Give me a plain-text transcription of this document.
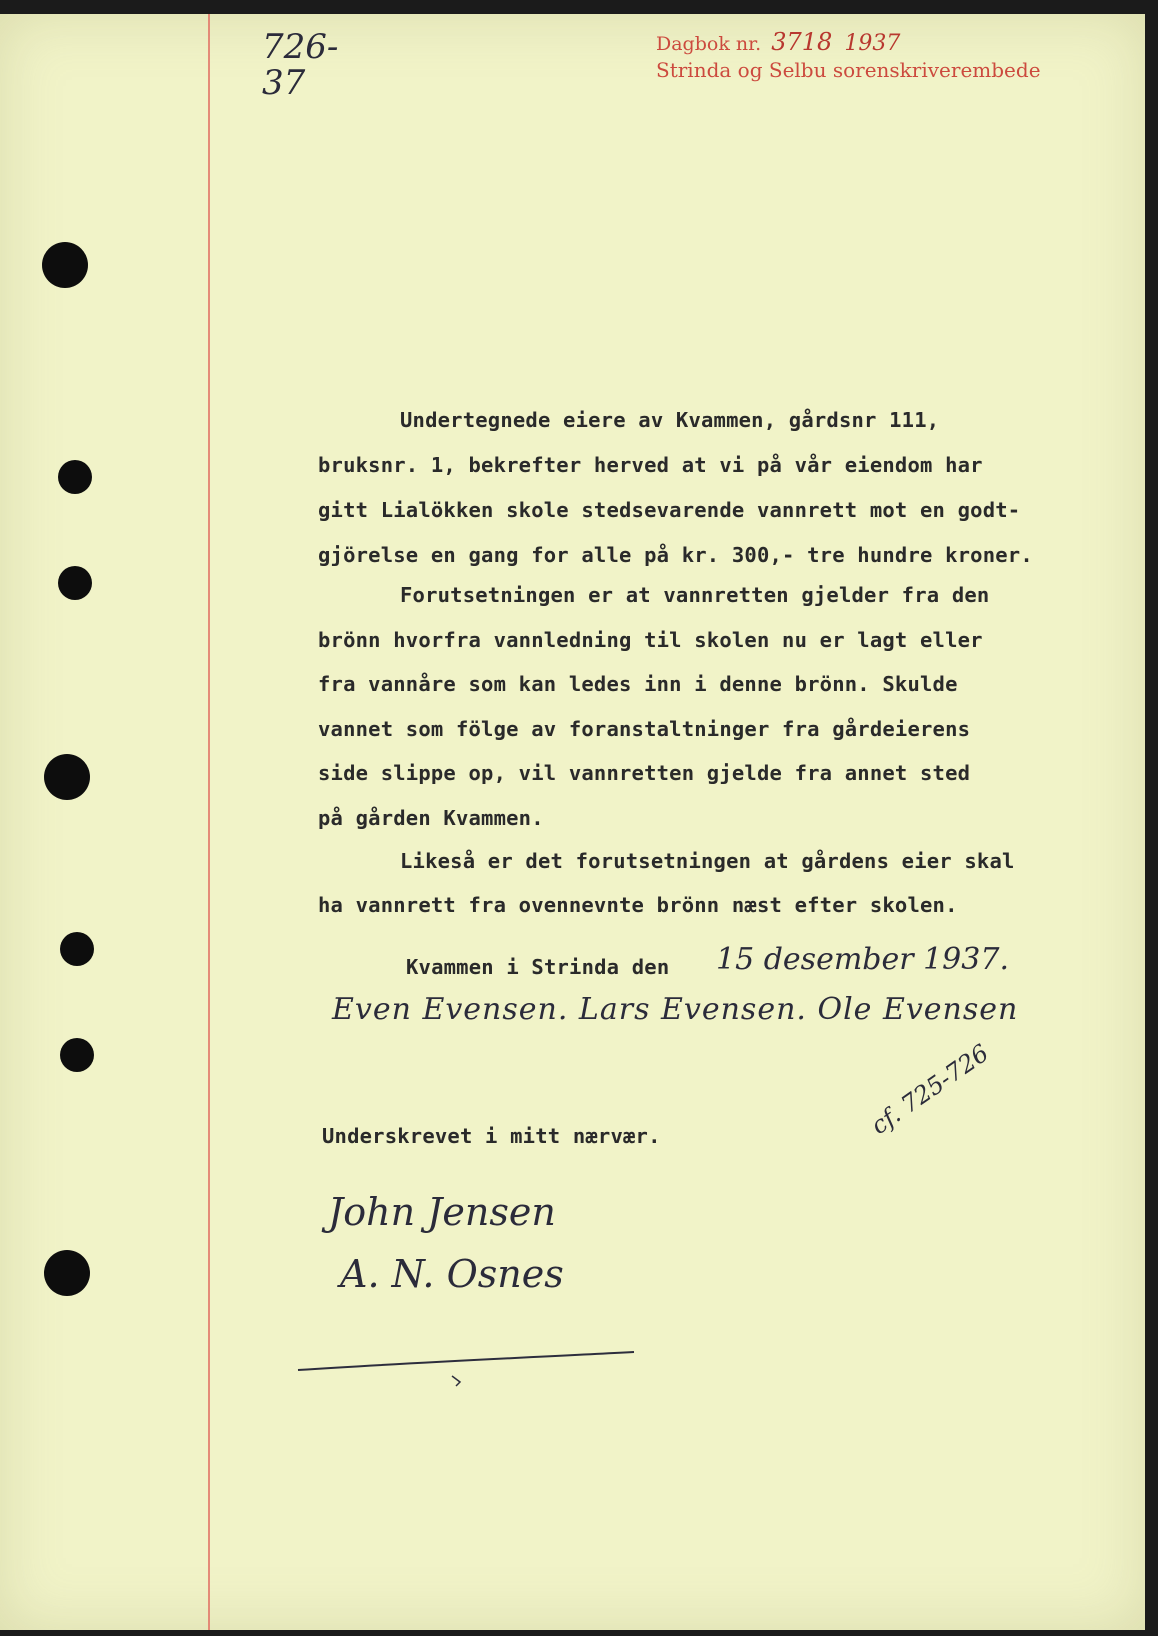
726-
37
Dagbok nr. 3718 1937
Strinda og Selbu sorenskriverembede
Undertegnede eiere av Kvammen, gårdsnr 111,
bruksnr. 1, bekrefter herved at vi på vår eiendom har
gitt Lialökken skole stedsevarende vannrett mot en godt-
gjörelse en gang for alle på kr. 300,- tre hundre kroner.
Forutsetningen er at vannretten gjelder fra den
brönn hvorfra vannledning til skolen nu er lagt eller
fra vannåre som kan ledes inn i denne brönn. Skulde
vannet som fölge av foranstaltninger fra gårdeierens
side slippe op, vil vannretten gjelde fra annet sted
på gården Kvammen.
Likeså er det forutsetningen at gårdens eier skal
ha vannrett fra ovennevnte brönn næst efter skolen.
Kvammen i Strinda den 15 desember 1937.
Even Evensen. Lars Evensen. Ole Evensen
Underskrevet i mitt nærvær.	cf. 725-726
John Jensen
A. N. Osnes
